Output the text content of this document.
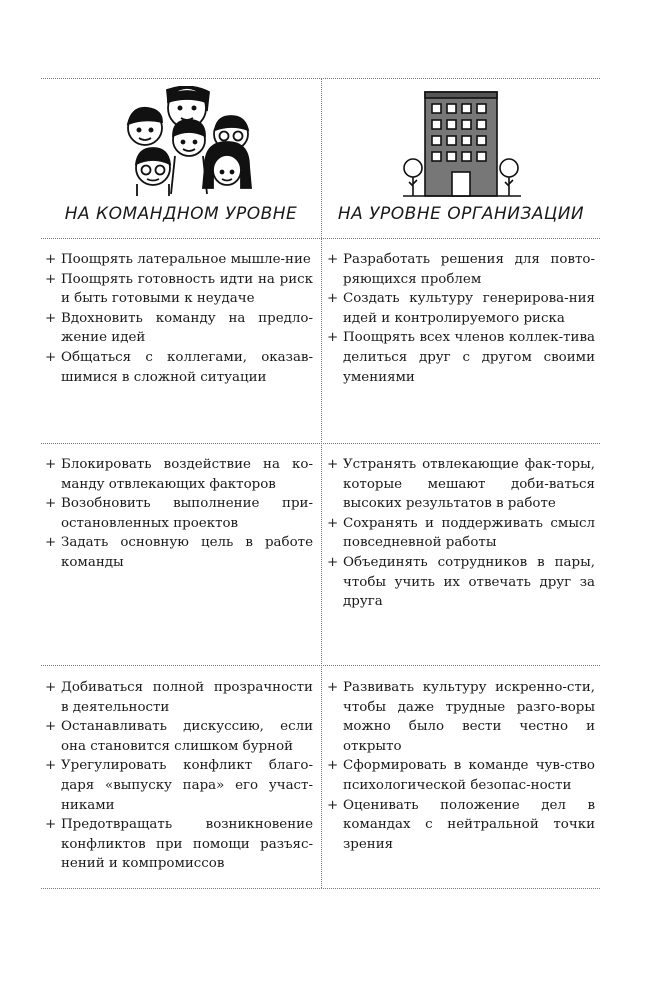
НА КОМАНДНОМ УРОВНЕ	НА УРОВНЕ ОРГАНИЗАЦИИ
+ Поощрять латеральное мышле-ние
+ Поощрять готовность идти на риск и быть готовыми к неудаче
+ Вдохновить команду на предло-жение идей
+ Общаться с коллегами, оказав-шимися в сложной ситуации
+ Блокировать воздействие на ко-манду отвлекающих факторов
+ Возобновить выполнение при-остановленных проектов
+ Задать основную цель в работе команды
+ Добиваться полной прозрачности в деятельности
+ Останавливать дискуссию, если она становится слишком бурной
+ Урегулировать конфликт благо-даря «выпуску пара» его участ-никами
+ Предотвращать возникновение конфликтов при помощи разъяс-нений и компромиссов
+ Разработать решения для повто-ряющихся проблем
+ Создать культуру генерирова-ния идей и контролируемого риска
+ Поощрять всех членов коллек-тива делиться друг с другом своими умениями
+ Устранять отвлекающие фак-торы, которые мешают доби-ваться высоких результатов в работе
+ Сохранять и поддерживать смысл повседневной работы
+ Объединять сотрудников в пары, чтобы учить их отвечать друг за друга
+ Развивать культуру искренно-сти, чтобы даже трудные разго-воры можно было вести честно и открыто
+ Сформировать в команде чув-ство психологической безопас-ности
+ Оценивать положение дел в командах с нейтральной точки зрения
